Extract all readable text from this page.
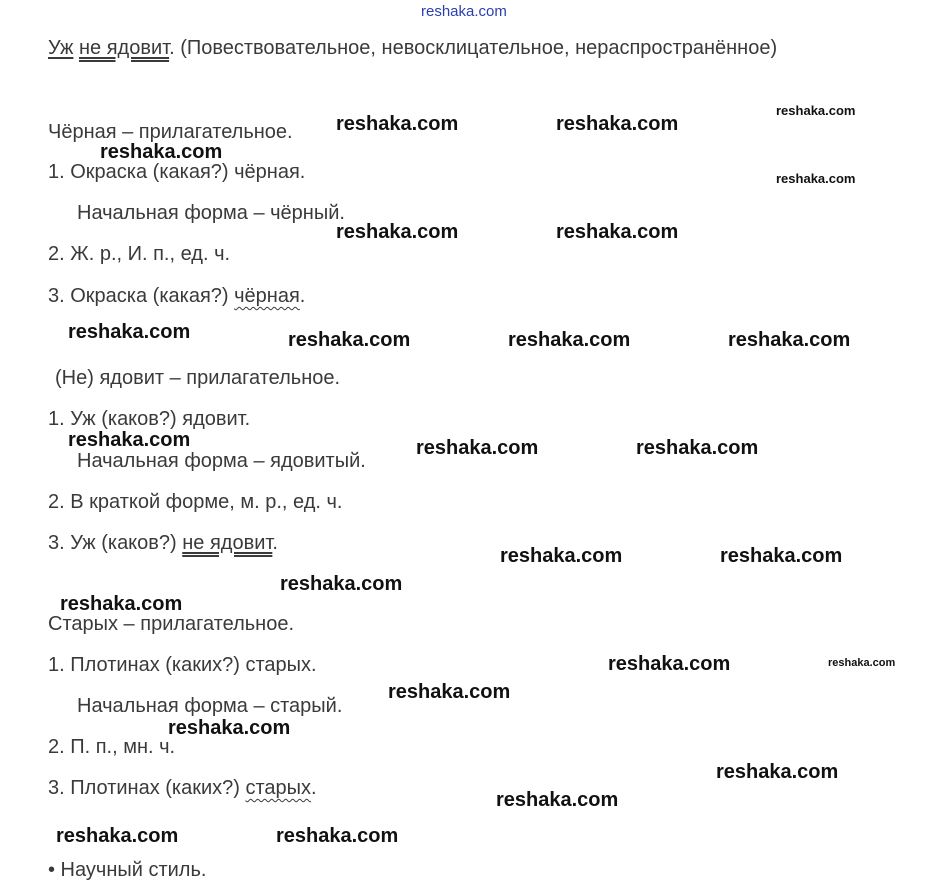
reshaka.com
Уж не ядовит. (Повествовательное, невосклицательное, нераспространённое)
Чёрная – прилагательное.
1. Окраска (какая?) чёрная.
Начальная форма – чёрный.
2. Ж. р., И. п., ед. ч.
3. Окраска (какая?) чёрная.
(Не) ядовит – прилагательное.
1. Уж (каков?) ядовит.
Начальная форма – ядовитый.
2. В краткой форме, м. р., ед. ч.
3. Уж (каков?) не ядовит.
Старых – прилагательное.
1. Плотинах (каких?) старых.
Начальная форма – старый.
2. П. п., мн. ч.
3. Плотинах (каких?) старых.
• Научный стиль.
reshaka.com	reshaka.com
reshaka.com
reshaka.com
reshaka.com
reshaka.com	reshaka.com
reshaka.com	reshaka.com	reshaka.com	reshaka.com
reshaka.com	reshaka.com	reshaka.com
reshaka.com	reshaka.com
reshaka.com
reshaka.com
reshaka.com	reshaka.com
reshaka.com
reshaka.com
reshaka.com
reshaka.com
reshaka.com	reshaka.com
